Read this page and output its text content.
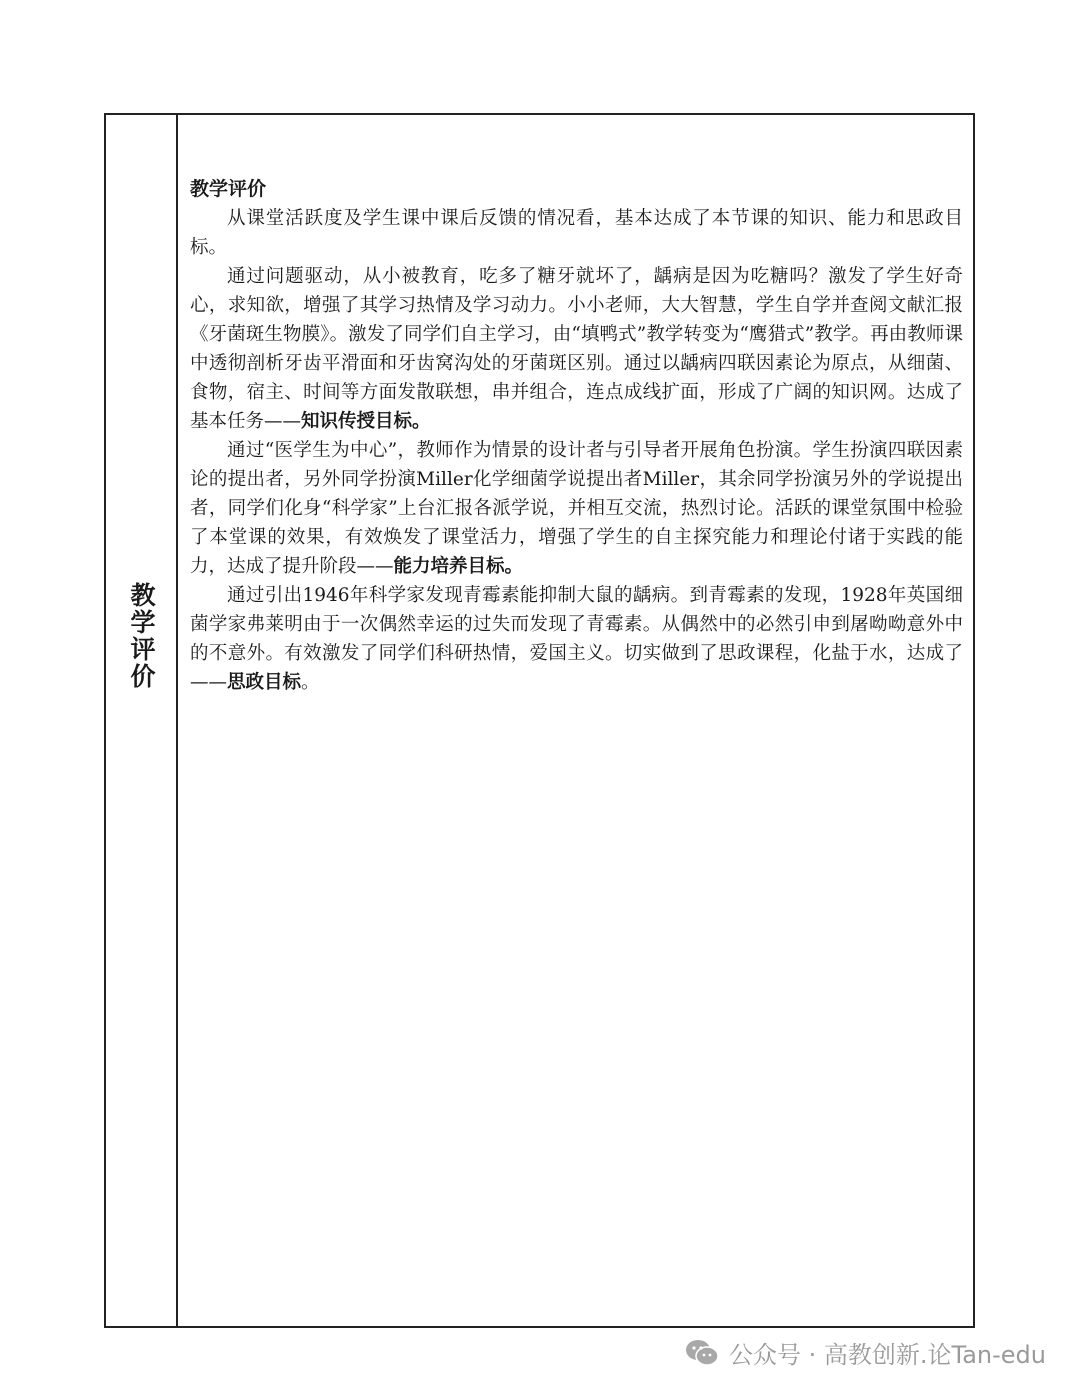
教学评价

教学评价

从课堂活跃度及学生课中课后反馈的情况看，基本达成了本节课的知识、能力和思政目标。

通过问题驱动，从小被教育，吃多了糖牙就坏了，龋病是因为吃糖吗？激发了学生好奇心，求知欲，增强了其学习热情及学习动力。小小老师，大大智慧，学生自学并查阅文献汇报《牙菌斑生物膜》。激发了同学们自主学习，由“填鸭式”教学转变为“鹰猎式”教学。再由教师课中透彻剖析牙齿平滑面和牙齿窝沟处的牙菌斑区别。通过以龋病四联因素论为原点，从细菌、食物，宿主、时间等方面发散联想，串并组合，连点成线扩面，形成了广阔的知识网。达成了基本任务——知识传授目标。

通过“医学生为中心”，教师作为情景的设计者与引导者开展角色扮演。学生扮演四联因素论的提出者，另外同学扮演Miller化学细菌学说提出者Miller，其余同学扮演另外的学说提出者，同学们化身“科学家”上台汇报各派学说，并相互交流，热烈讨论。活跃的课堂氛围中检验了本堂课的效果，有效焕发了课堂活力，增强了学生的自主探究能力和理论付诸于实践的能力，达成了提升阶段——能力培养目标。

通过引出1946年科学家发现青霉素能抑制大鼠的龋病。到青霉素的发现，1928年英国细菌学家弗莱明由于一次偶然幸运的过失而发现了青霉素。从偶然中的必然引申到屠呦呦意外中的不意外。有效激发了同学们科研热情，爱国主义。切实做到了思政课程，化盐于水，达成了——思政目标。

公众号 · 高教创新.论Tan-edu
